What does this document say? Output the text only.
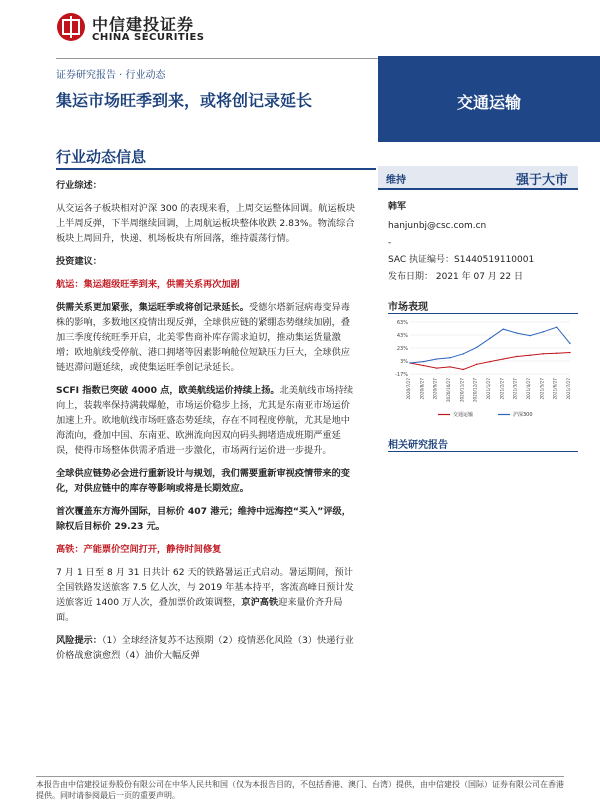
中信建投证券
CHINA SECURITIES
证券研究报告 · 行业动态
集运市场旺季到来，或将创记录延长	交通运输
行业动态信息

行业综述：

从交运各子板块相对沪深 300 的表现来看，上周交运整体回调。航运板块上半周反弹，下半周继续回调，上周航运板块整体收跌 2.83%。物流综合板块上周回升，快递、机场板块有所回落，维持震荡行情。

投资建议：

航运：集运超级旺季到来，供需关系再次加剧

供需关系更加紧张，集运旺季或将创记录延长。受德尔塔新冠病毒变异毒株的影响，多数地区疫情出现反弹，全球供应链的紧绷态势继续加剧，叠加三季度传统旺季开启，北美零售商补库存需求迫切，推动集运货量激增；欧地航线受停航、港口拥堵等因素影响舱位短缺压力巨大，全球供应链迟滞问题延续，或使集运旺季创记录延长。

SCFI 指数已突破 4000 点，欧美航线运价持续上扬。北美航线市场持续向上，装载率保持满载爆舱，市场运价稳步上扬，尤其是东南亚市场运价加速上升。欧地航线市场旺盛态势延续，存在不同程度停航，尤其是地中海流向，叠加中国、东南亚、欧洲流向因双向码头拥堵造成班期严重延误，使得市场整体供需矛盾进一步激化，市场两行运价进一步提升。

全球供应链势必会进行重新设计与规划，我们需要重新审视疫情带来的变化，对供应链中的库存等影响或将是长期效应。

首次覆盖东方海外国际，目标价 407 港元；维持中远海控“买入”评级，除权后目标价 29.23 元。

高铁：产能票价空间打开，静待时间修复

7 月 1 日至 8 月 31 日共计 62 天的铁路暑运正式启动。暑运期间，预计全国铁路发送旅客 7.5 亿人次，与 2019 年基本持平，客流高峰日预计发送旅客近 1400 万人次，叠加票价政策调整，京沪高铁迎来量价齐升局面。

风险提示：（1）全球经济复苏不达预期（2）疫情恶化风险（3）快递行业价格战愈演愈烈（4）油价大幅反弹

维持	强于大市
韩军
hanjunbj@csc.com.cn
-
SAC 执证编号：S1440519110001
发布日期： 2021 年 07 月 22 日
市场表现
63%
43%
23%
3%
-17%
2020/7/27 2020/8/27 2020/9/27 2020/10/27 2020/11/27 2020/12/27 2021/1/27 2021/2/27 2021/3/27 2021/4/27 2021/5/27 2021/6/27 2021/7/27
交通运输	沪深300
相关研究报告
本报告由中信建投证券股份有限公司在中华人民共和国（仅为本报告目的，不包括香港、澳门、台湾）提供，由中信建投（国际）证券有限公司在香港提供。同时请参阅最后一页的重要声明。
